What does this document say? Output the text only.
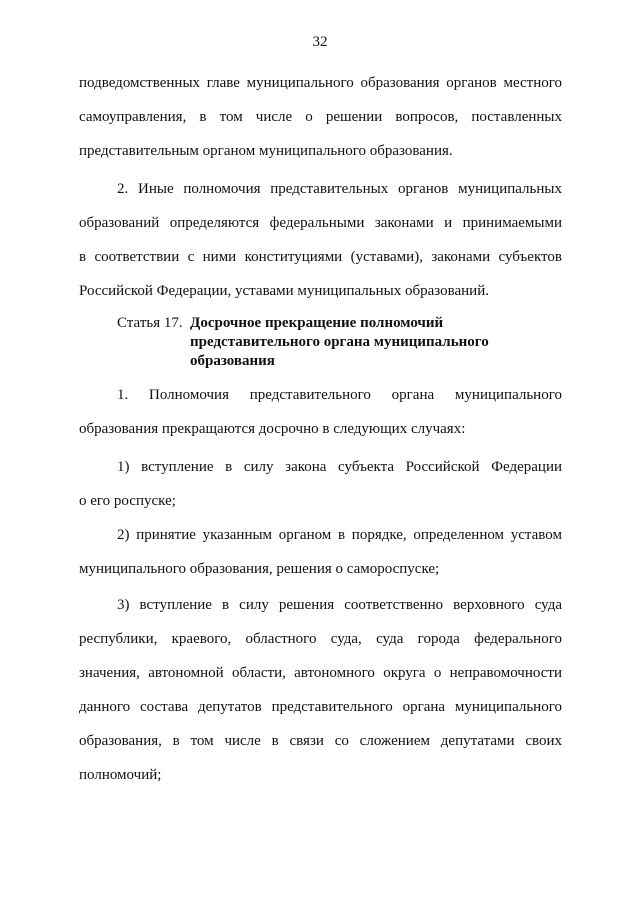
32

подведомственных главе муниципального образования органов местного

самоуправления, в том числе о решении вопросов, поставленных

представительным органом муниципального образования.

2. Иные полномочия представительных органов муниципальных

образований определяются федеральными законами и принимаемыми

в соответствии с ними конституциями (уставами), законами субъектов

Российской Федерации, уставами муниципальных образований.

Статья 17. Досрочное прекращение полномочий
представительного органа муниципального
образования

1. Полномочия представительного органа муниципального

образования прекращаются досрочно в следующих случаях:

1) вступление в силу закона субъекта Российской Федерации

о его роспуске;

2) принятие указанным органом в порядке, определенном уставом

муниципального образования, решения о самороспуске;

3) вступление в силу решения соответственно верховного суда

республики, краевого, областного суда, суда города федерального

значения, автономной области, автономного округа о неправомочности

данного состава депутатов представительного органа муниципального

образования, в том числе в связи со сложением депутатами своих

полномочий;
